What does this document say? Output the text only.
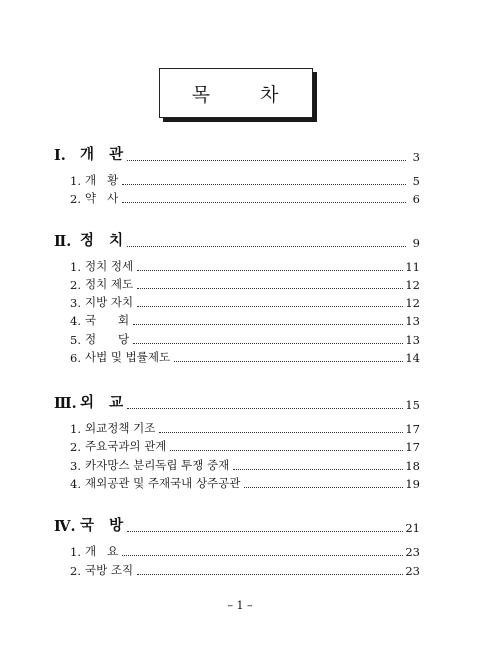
목	차
Ⅰ. 개   관	3
1. 개   황	5
2. 약   사	6
Ⅱ. 정   치	9
1. 정치 정세	11
2. 정치 제도	12
3. 지방 자치	12
4. 국      회	13
5. 정      당	13
6. 사법 및 법률제도	14
Ⅲ. 외   교	15
1. 외교정책 기조	17
2. 주요국과의 관계	17
3. 카자망스 분리독립 투쟁 중재	18
4. 재외공관 및 주재국내 상주공관	19
Ⅳ. 국   방	21
1. 개   요	23
2. 국방 조직	23
– 1 –
